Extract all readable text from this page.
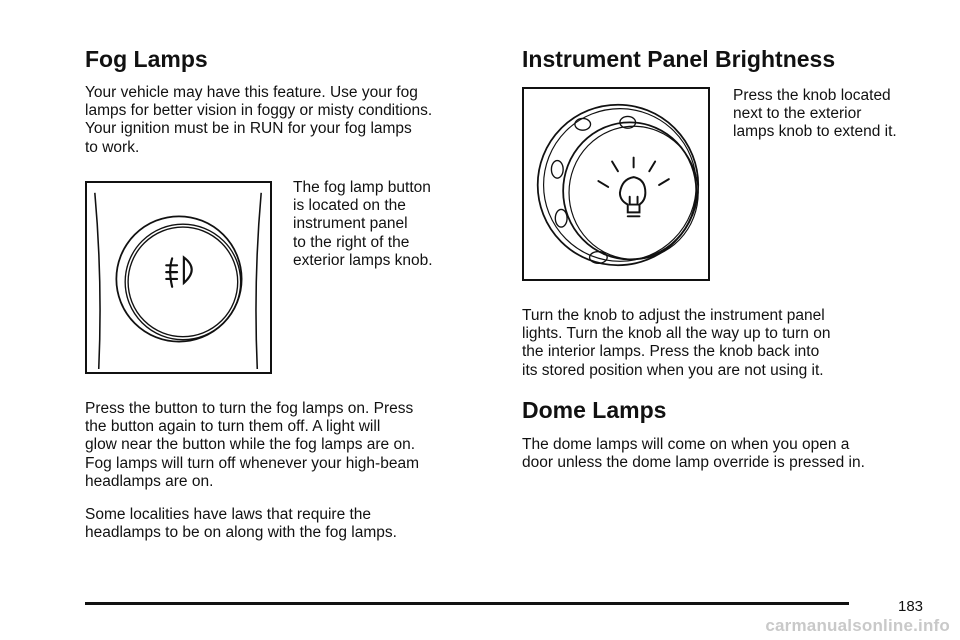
Fog Lamps

Your vehicle may have this feature. Use your fog
lamps for better vision in foggy or misty conditions.
Your ignition must be in RUN for your fog lamps
to work.

The fog lamp button
is located on the
instrument panel
to the right of the
exterior lamps knob.

Press the button to turn the fog lamps on. Press
the button again to turn them off. A light will
glow near the button while the fog lamps are on.
Fog lamps will turn off whenever your high-beam
headlamps are on.

Some localities have laws that require the
headlamps to be on along with the fog lamps.

Instrument Panel Brightness

Press the knob located
next to the exterior
lamps knob to extend it.

Turn the knob to adjust the instrument panel
lights. Turn the knob all the way up to turn on
the interior lamps. Press the knob back into
its stored position when you are not using it.

Dome Lamps

The dome lamps will come on when you open a
door unless the dome lamp override is pressed in.

183
carmanualsonline.info
